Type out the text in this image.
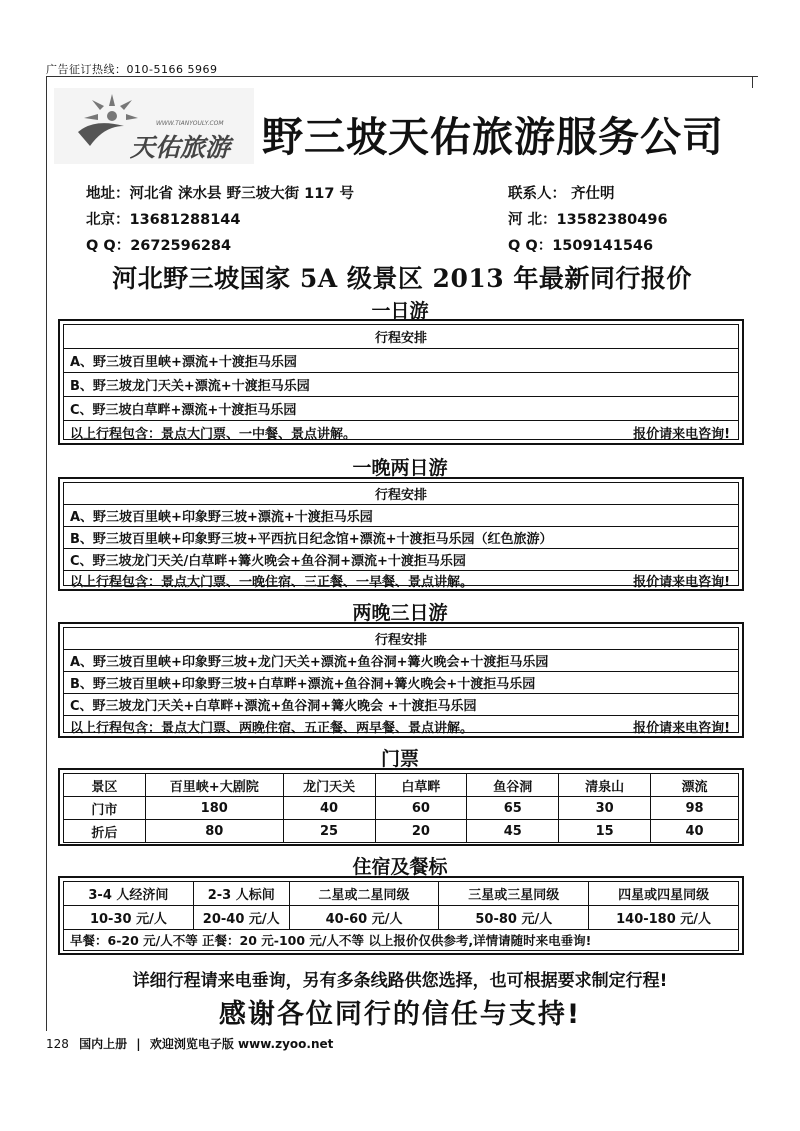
广告征订热线：010-5166 5969
WWW.TIANYOULY.COM
天佑旅游 野三坡天佑旅游服务公司
地址：河北省 涞水县 野三坡大街 117 号
北京：13681288144
Q Q：2672596284
联系人： 齐仕明
河 北：13582380496
Q Q：1509141546
河北野三坡国家 5A 级景区 2013 年最新同行报价
一日游
行程安排
A、野三坡百里峡+漂流+十渡拒马乐园
B、野三坡龙门天关+漂流+十渡拒马乐园
C、野三坡白草畔+漂流+十渡拒马乐园
以上行程包含：景点大门票、一中餐、景点讲解。	报价请来电咨询!
一晚两日游
行程安排
A、野三坡百里峡+印象野三坡+漂流+十渡拒马乐园
B、野三坡百里峡+印象野三坡+平西抗日纪念馆+漂流+十渡拒马乐园（红色旅游）
C、野三坡龙门天关/白草畔+篝火晚会+鱼谷洞+漂流+十渡拒马乐园
以上行程包含：景点大门票、一晚住宿、三正餐、一早餐、景点讲解。	报价请来电咨询!
两晚三日游
行程安排
A、野三坡百里峡+印象野三坡+龙门天关+漂流+鱼谷洞+篝火晚会+十渡拒马乐园
B、野三坡百里峡+印象野三坡+白草畔+漂流+鱼谷洞+篝火晚会+十渡拒马乐园
C、野三坡龙门天关+白草畔+漂流+鱼谷洞+篝火晚会 +十渡拒马乐园
以上行程包含：景点大门票、两晚住宿、五正餐、两早餐、景点讲解。	报价请来电咨询!
门票
景区	百里峡+大剧院	龙门天关	白草畔	鱼谷洞	清泉山	漂流
门市	180	40	60	65	30	98
折后	80	25	20	45	15	40
住宿及餐标
3-4 人经济间	2-3 人标间	二星或二星同级	三星或三星同级	四星或四星同级
10-30 元/人	20-40 元/人	40-60 元/人	50-80 元/人	140-180 元/人
早餐：6-20 元/人不等 正餐：20 元-100 元/人不等 以上报价仅供参考,详情请随时来电垂询!				
详细行程请来电垂询，另有多条线路供您选择，也可根据要求制定行程!
感谢各位同行的信任与支持!
128 国内上册 | 欢迎浏览电子版 www.zyoo.net
